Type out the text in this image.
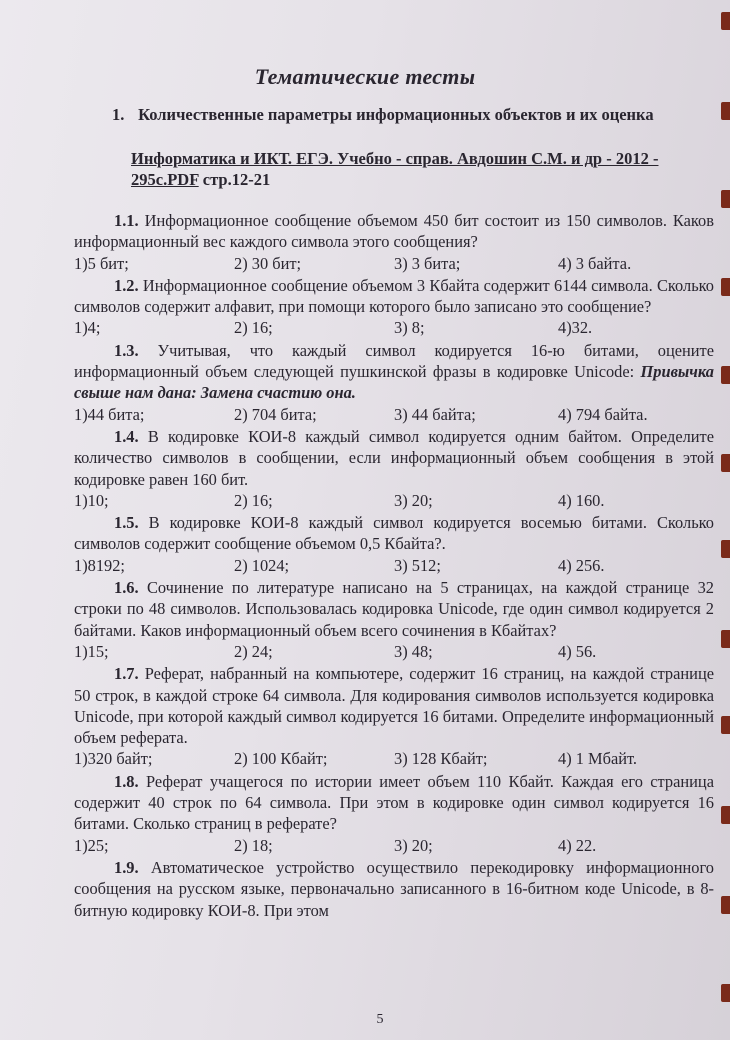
Тематические тесты
1. Количественные параметры информационных объектов и их оценка
Информатика и ИКТ. ЕГЭ. Учебно - справ. Авдошин С.М. и др - 2012 - 295с.PDF стр.12-21

1.1. Информационное сообщение объемом 450 бит состоит из 150 символов. Каков информационный вес каждого символа этого сообщения?

1)5 бит;	2) 30 бит;	3) 3 бита;	4) 3 байта.

1.2. Информационное сообщение объемом 3 Кбайта содержит 6144 символа. Сколько символов содержит алфавит, при помощи которого было записано это сообщение?

1)4;	2) 16;	3) 8;	4)32.

1.3. Учитывая, что каждый символ кодируется 16-ю битами, оцените информационный объем следующей пушкинской фразы в кодировке Unicode: Привычка свыше нам дана: Замена счастию она.

1)44 бита;	2) 704 бита;	3) 44 байта;	4) 794 байта.

1.4. В кодировке КОИ-8 каждый символ кодируется одним байтом. Определите количество символов в сообщении, если информационный объем сообщения в этой кодировке равен 160 бит.

1)10;	2) 16;	3) 20;	4) 160.

1.5. В кодировке КОИ-8 каждый символ кодируется восемью битами. Сколько символов содержит сообщение объемом 0,5 Кбайта?.

1)8192;	2) 1024;	3) 512;	4) 256.

1.6. Сочинение по литературе написано на 5 страницах, на каждой странице 32 строки по 48 символов. Использовалась кодировка Unicode, где один символ кодируется 2 байтами. Каков информационный объем всего сочинения в Кбайтах?

1)15;	2) 24;	3) 48;	4) 56.

1.7. Реферат, набранный на компьютере, содержит 16 страниц, на каждой странице 50 строк, в каждой строке 64 символа. Для кодирования символов используется кодировка Unicode, при которой каждый символ кодируется 16 битами. Определите информационный объем реферата.

1)320 байт;	2) 100 Кбайт;	3) 128 Кбайт;	4) 1 Мбайт.

1.8. Реферат учащегося по истории имеет объем 110 Кбайт. Каждая его страница содержит 40 строк по 64 символа. При этом в кодировке один символ кодируется 16 битами. Сколько страниц в реферате?

1)25;	2) 18;	3) 20;	4) 22.

1.9. Автоматическое устройство осуществило перекодировку информационного сообщения на русском языке, первоначально записанного в 16-битном коде Unicode, в 8-битную кодировку КОИ-8. При этом

5
